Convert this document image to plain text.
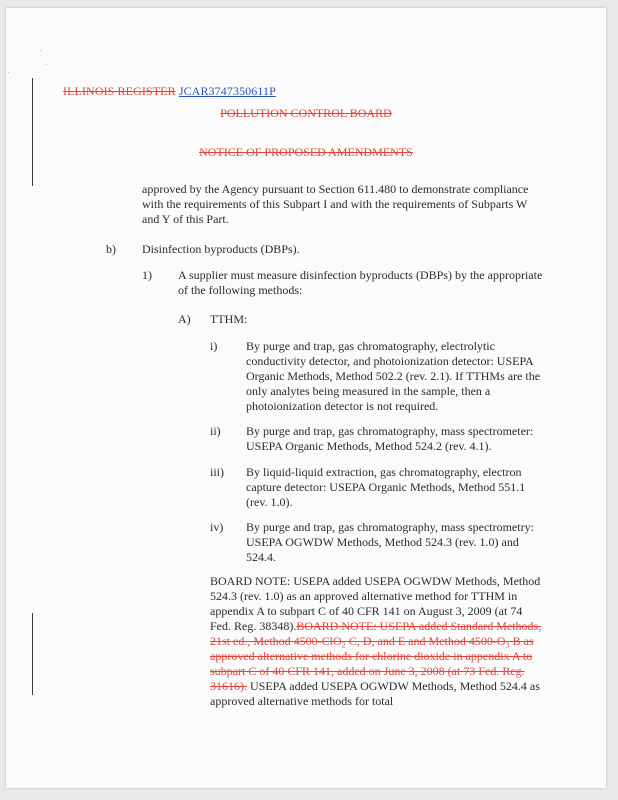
ILLINOIS REGISTER JCAR3747350611P
POLLUTION CONTROL BOARD
NOTICE OF PROPOSED AMENDMENTS
approved by the Agency pursuant to Section 611.480 to demonstrate compliance with the requirements of this Subpart I and with the requirements of Subparts W and Y of this Part.
b) Disinfection byproducts (DBPs).
1) A supplier must measure disinfection byproducts (DBPs) by the appropriate of the following methods:
A) TTHM:
i) By purge and trap, gas chromatography, electrolytic conductivity detector, and photoionization detector: USEPA Organic Methods, Method 502.2 (rev. 2.1). If TTHMs are the only analytes being measured in the sample, then a photoionization detector is not required.
ii) By purge and trap, gas chromatography, mass spectrometer: USEPA Organic Methods, Method 524.2 (rev. 4.1).
iii) By liquid-liquid extraction, gas chromatography, electron capture detector: USEPA Organic Methods, Method 551.1 (rev. 1.0).
iv) By purge and trap, gas chromatography, mass spectrometry: USEPA OGWDW Methods, Method 524.3 (rev. 1.0) and 524.4.
BOARD NOTE: USEPA added USEPA OGWDW Methods, Method 524.3 (rev. 1.0) as an approved alternative method for TTHM in appendix A to subpart C of 40 CFR 141 on August 3, 2009 (at 74 Fed. Reg. 38348).BOARD NOTE: USEPA added Standard Methods, 21st ed., Method 4500-ClO₂ C, D, and E and Method 4500-O₃ B as approved alternative methods for chlorine dioxide in appendix A to subpart C of 40 CFR 141, added on June 3, 2008 (at 73 Fed. Reg. 31616). USEPA added USEPA OGWDW Methods, Method 524.4 as approved alternative methods for total
